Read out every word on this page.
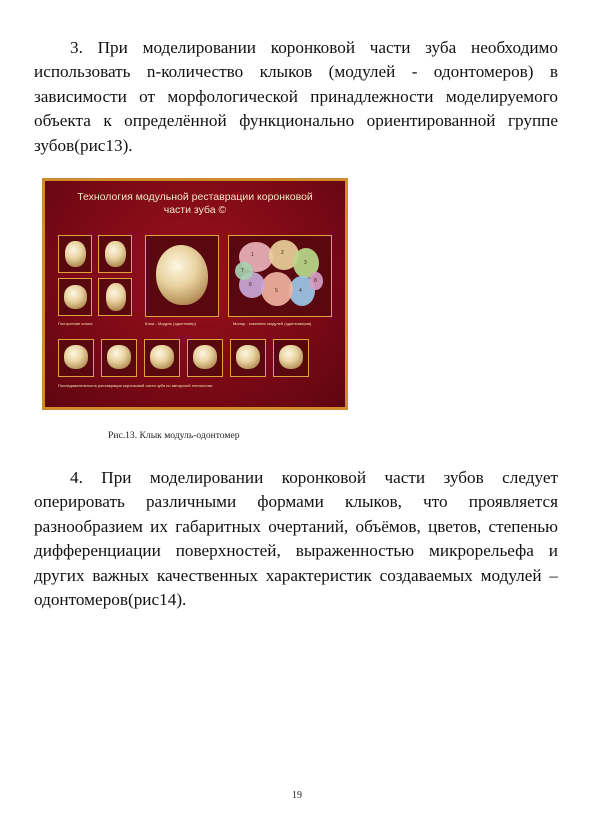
3. При моделировании коронковой части зуба необходимо использовать n-количество клыков (модулей - одонтомеров) в зависимости от морфологической принадлежности моделируемого объекта к определённой функционально ориентированной группе зубов(рис13).

Технология модульной реставрации коронковой
части зуба ©
Построение клыка	Клык - Модуль (одонтомер)
1	2
3
4
5
6
7
8
Моляр - комплекс модулей (одонтомеров)
Последовательность реставрации коронковой части зуба по авторской технологии
Рис.13. Клык модуль-одонтомер

4. При моделировании коронковой части зубов следует оперировать различными формами клыков, что проявляется разнообразием их габаритных очертаний, объёмов, цветов, степенью дифференциации поверхностей, выраженностью микрорельефа и других важных качественных характеристик создаваемых модулей – одонтомеров(рис14).

19
